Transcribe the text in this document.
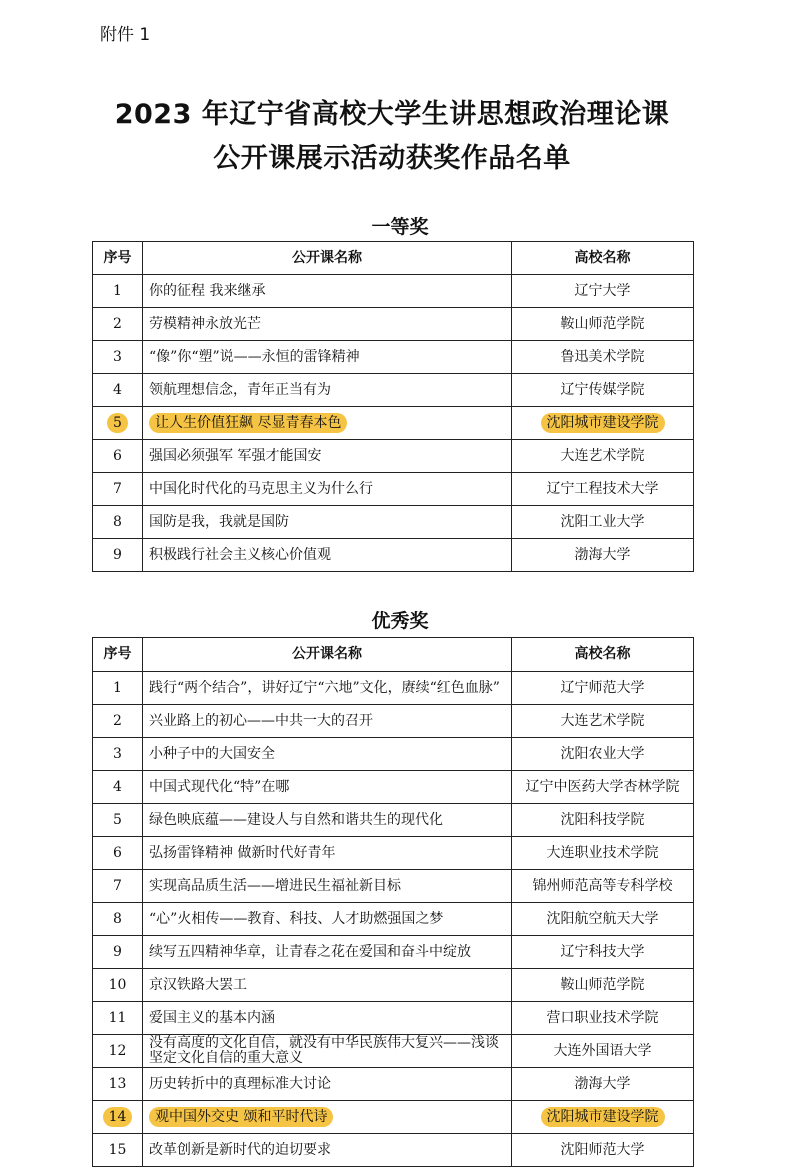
附件 1
2023 年辽宁省高校大学生讲思想政治理论课
公开课展示活动获奖作品名单
一等奖
序号	公开课名称	高校名称
1	你的征程 我来继承	辽宁大学
2	劳模精神永放光芒	鞍山师范学院
3	“像”你“塑”说——永恒的雷锋精神	鲁迅美术学院
4	领航理想信念，青年正当有为	辽宁传媒学院
5	让人生价值狂飙 尽显青春本色	沈阳城市建设学院
6	强国必须强军 军强才能国安	大连艺术学院
7	中国化时代化的马克思主义为什么行	辽宁工程技术大学
8	国防是我，我就是国防	沈阳工业大学
9	积极践行社会主义核心价值观	渤海大学
优秀奖
序号	公开课名称	高校名称
1	践行“两个结合”，讲好辽宁“六地”文化，赓续“红色血脉”	辽宁师范大学
2	兴业路上的初心——中共一大的召开	大连艺术学院
3	小种子中的大国安全	沈阳农业大学
4	中国式现代化“特”在哪	辽宁中医药大学杏林学院
5	绿色映底蕴——建设人与自然和谐共生的现代化	沈阳科技学院
6	弘扬雷锋精神 做新时代好青年	大连职业技术学院
7	实现高品质生活——增进民生福祉新目标	锦州师范高等专科学校
8	“心”火相传——教育、科技、人才助燃强国之梦	沈阳航空航天大学
9	续写五四精神华章，让青春之花在爱国和奋斗中绽放	辽宁科技大学
10	京汉铁路大罢工	鞍山师范学院
11	爱国主义的基本内涵	营口职业技术学院
12	没有高度的文化自信，就没有中华民族伟大复兴——浅谈坚定文化自信的重大意义	大连外国语大学
13	历史转折中的真理标准大讨论	渤海大学
14	观中国外交史 颂和平时代诗	沈阳城市建设学院
15	改革创新是新时代的迫切要求	沈阳师范大学
